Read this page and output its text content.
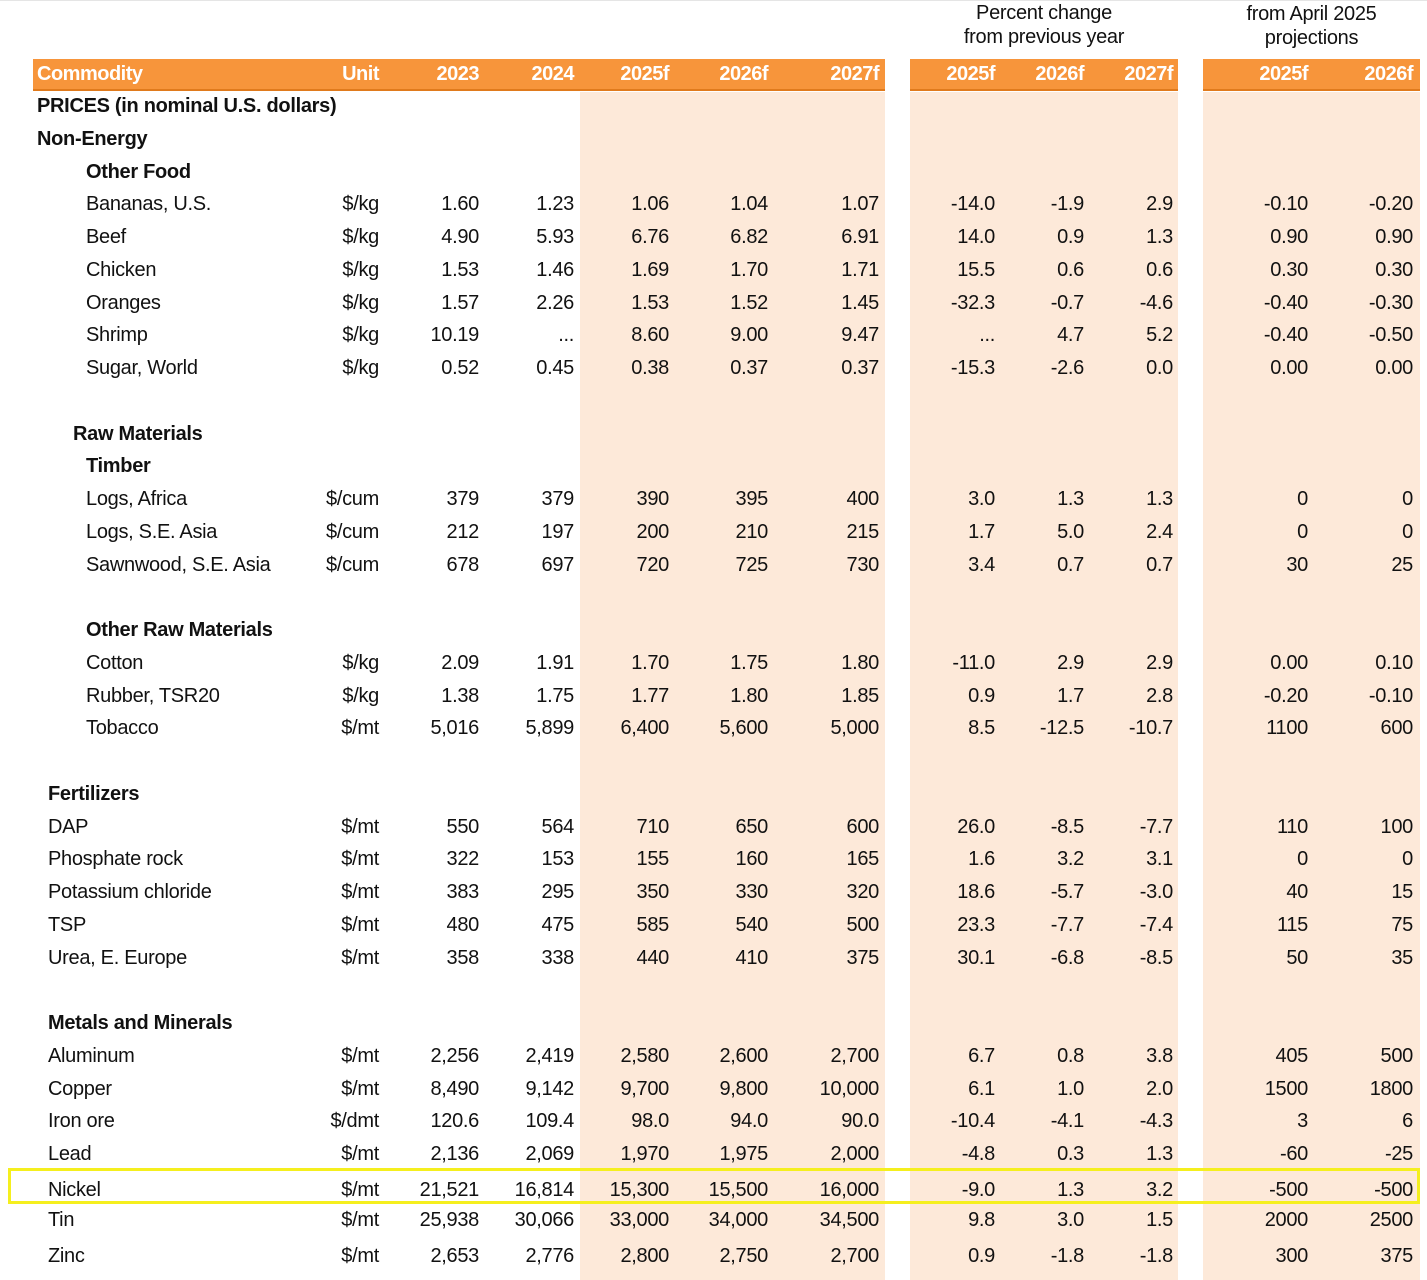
Percent change
from previous year
from April 2025
projections
Commodity	Unit	2023	2024	2025f	2026f	2027f	2025f	2026f	2027f	2025f	2026f
PRICES (in nominal U.S. dollars)
Non-Energy
Other Food
Bananas, U.S.	$/kg	1.60	1.23	1.06	1.04	1.07	-14.0	-1.9	2.9	-0.10	-0.20
Beef	$/kg	4.90	5.93	6.76	6.82	6.91	14.0	0.9	1.3	0.90	0.90
Chicken	$/kg	1.53	1.46	1.69	1.70	1.71	15.5	0.6	0.6	0.30	0.30
Oranges	$/kg	1.57	2.26	1.53	1.52	1.45	-32.3	-0.7	-4.6	-0.40	-0.30
Shrimp	$/kg	10.19	...	8.60	9.00	9.47	...	4.7	5.2	-0.40	-0.50
Sugar, World	$/kg	0.52	0.45	0.38	0.37	0.37	-15.3	-2.6	0.0	0.00	0.00
Raw Materials
Timber
Logs, Africa	$/cum	379	379	390	395	400	3.0	1.3	1.3	0	0
Logs, S.E. Asia	$/cum	212	197	200	210	215	1.7	5.0	2.4	0	0
Sawnwood, S.E. Asia	$/cum	678	697	720	725	730	3.4	0.7	0.7	30	25
Other Raw Materials
Cotton	$/kg	2.09	1.91	1.70	1.75	1.80	-11.0	2.9	2.9	0.00	0.10
Rubber, TSR20	$/kg	1.38	1.75	1.77	1.80	1.85	0.9	1.7	2.8	-0.20	-0.10
Tobacco	$/mt	5,016	5,899	6,400	5,600	5,000	8.5	-12.5	-10.7	1100	600
Fertilizers
DAP	$/mt	550	564	710	650	600	26.0	-8.5	-7.7	110	100
Phosphate rock	$/mt	322	153	155	160	165	1.6	3.2	3.1	0	0
Potassium chloride	$/mt	383	295	350	330	320	18.6	-5.7	-3.0	40	15
TSP	$/mt	480	475	585	540	500	23.3	-7.7	-7.4	115	75
Urea, E. Europe	$/mt	358	338	440	410	375	30.1	-6.8	-8.5	50	35
Metals and Minerals
Aluminum	$/mt	2,256	2,419	2,580	2,600	2,700	6.7	0.8	3.8	405	500
Copper	$/mt	8,490	9,142	9,700	9,800	10,000	6.1	1.0	2.0	1500	1800
Iron ore	$/dmt	120.6	109.4	98.0	94.0	90.0	-10.4	-4.1	-4.3	3	6
Lead	$/mt	2,136	2,069	1,970	1,975	2,000	-4.8	0.3	1.3	-60	-25
Nickel	$/mt	21,521	16,814	15,300	15,500	16,000	-9.0	1.3	3.2	-500	-500
Tin	$/mt	25,938	30,066	33,000	34,000	34,500	9.8	3.0	1.5	2000	2500
Zinc	$/mt	2,653	2,776	2,800	2,750	2,700	0.9	-1.8	-1.8	300	375
